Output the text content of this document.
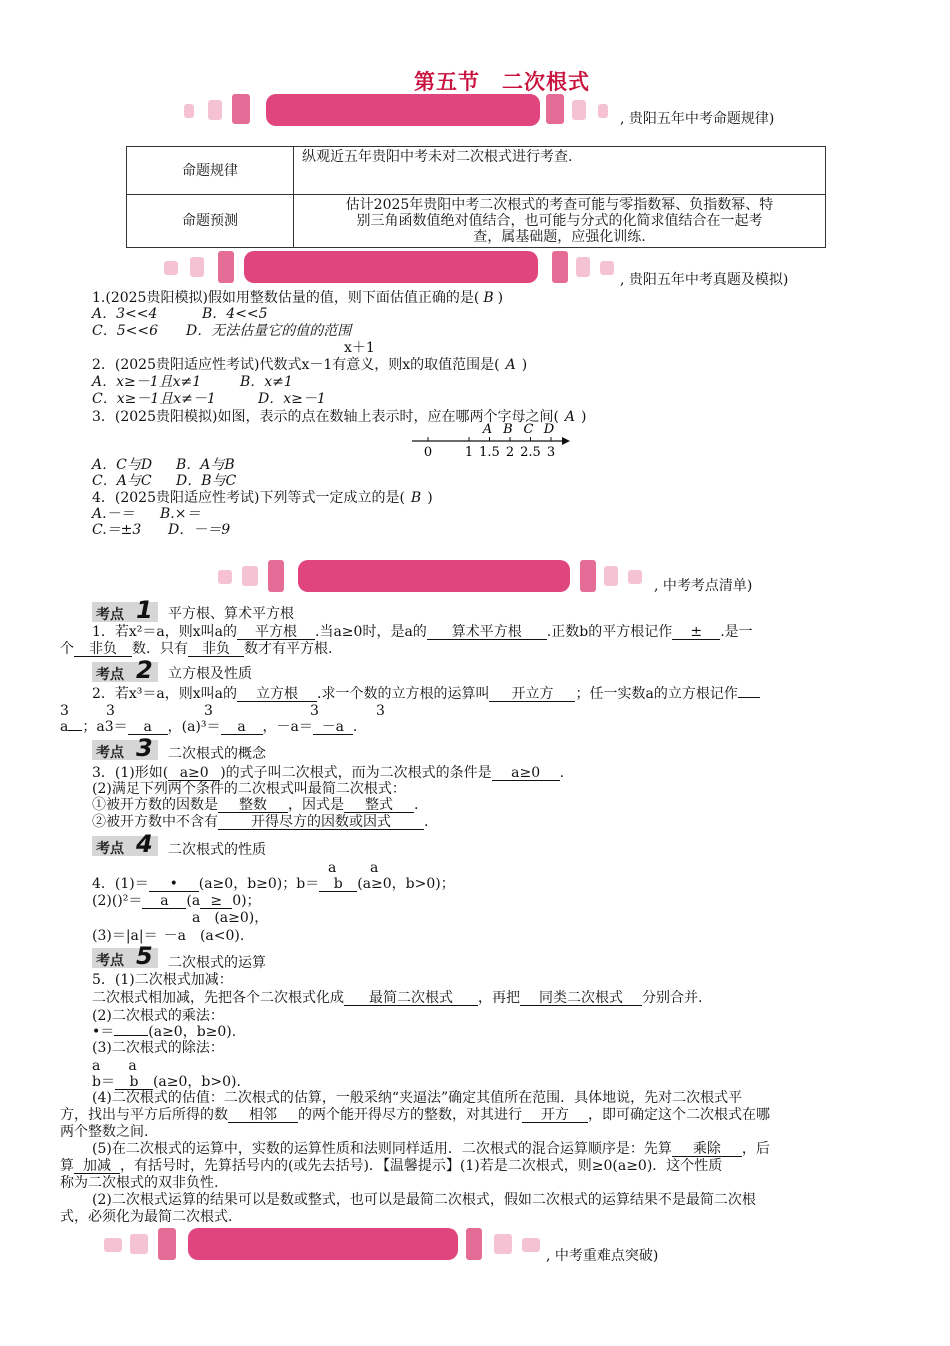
第五节　二次根式
, 贵阳五年中考命题规律)
命题规律	纵观近五年贵阳中考未对二次根式进行考查.
命题预测	估计2025年贵阳中考二次根式的考查可能与零指数幂、负指数幂、特
别三角函数值绝对值结合，也可能与分式的化简求值结合在一起考
查，属基础题，应强化训练.
, 贵阳五年中考真题及模拟)
1.(2025贵阳模拟)假如用整数估量的值，则下面估值正确的是( B )
A．3<<4	B．4<<5
C．5<<6 D．无法估量它的值的范围
x＋1
2．(2025贵阳适应性考试)代数式x－1有意义，则x的取值范围是( A )
A．x≥－1且x≠1	B．x≠1
C．x≥－1且x≠－1	D．x≥－1
3．(2025贵阳模拟)如图，表示的点在数轴上表示时，应在哪两个字母之间( A )
0	1 1.5 2 2.5 3
A B C D
A．C与D B．A与B
C．A与C D．B与C
4．(2025贵阳适应性考试)下列等式一定成立的是( B )
A.－＝ B.×＝
C.＝±3 D．－＝9
, 中考考点清单)
考点 1 平方根、算术平方根
1．若x²＝a，则x叫a的 平方根 .当a≥0时，是a的 算术平方根 .正数b的平方根记作 ± .是一
个 非负 数．只有 非负 数才有平方根.
考点 2 立方根及性质
2．若x³＝a，则x叫a的 立方根 .求一个数的立方根的运算叫 开立方 ；任一实数a的立方根记作
3	3	3	3	3
a ；a3＝ a ，(a)³＝ a ，－a＝ －a .
考点 3 二次根式的概念
3．(1)形如( a≥0 )的式子叫二次根式，而为二次根式的条件是 a≥0 .
(2)满足下列两个条件的二次根式叫最简二次根式：
①被开方数的因数是 整数 ，因式是 整式 .
②被开方数中不含有 开得尽方的因数或因式 .
考点 4 二次根式的性质
a a
4．(1)＝ • (a≥0，b≥0)；b＝ b (a≥0，b>0)；
(2)()²＝ a (a ≥ 0)；
a　(a≥0)，
(3)＝|a|＝ －a　(a<0).
考点 5 二次根式的运算
5．(1)二次根式加减：
二次根式相加减，先把各个二次根式化成 最简二次根式 ，再把 同类二次根式 分别合并.
(2)二次根式的乘法：
•＝ (a≥0，b≥0).
(3)二次根式的除法：
a　　a
b＝ b (a≥0，b>0).
(4)二次根式的估值：二次根式的估算，一般采纳“夹逼法”确定其值所在范围．具体地说，先对二次根式平
方，找出与平方后所得的数 相邻 的两个能开得尽方的整数，对其进行 开方 ，即可确定这个二次根式在哪
两个整数之间.
(5)在二次根式的运算中，实数的运算性质和法则同样适用．二次根式的混合运算顺序是：先算 乘除 ，后
算 加减 ，有括号时，先算括号内的(或先去括号)．【温馨提示】(1)若是二次根式，则≥0(a≥0)．这个性质
称为二次根式的双非负性.
(2)二次根式运算的结果可以是数或整式，也可以是最简二次根式，假如二次根式的运算结果不是最简二次根
式，必须化为最简二次根式.
, 中考重难点突破)
